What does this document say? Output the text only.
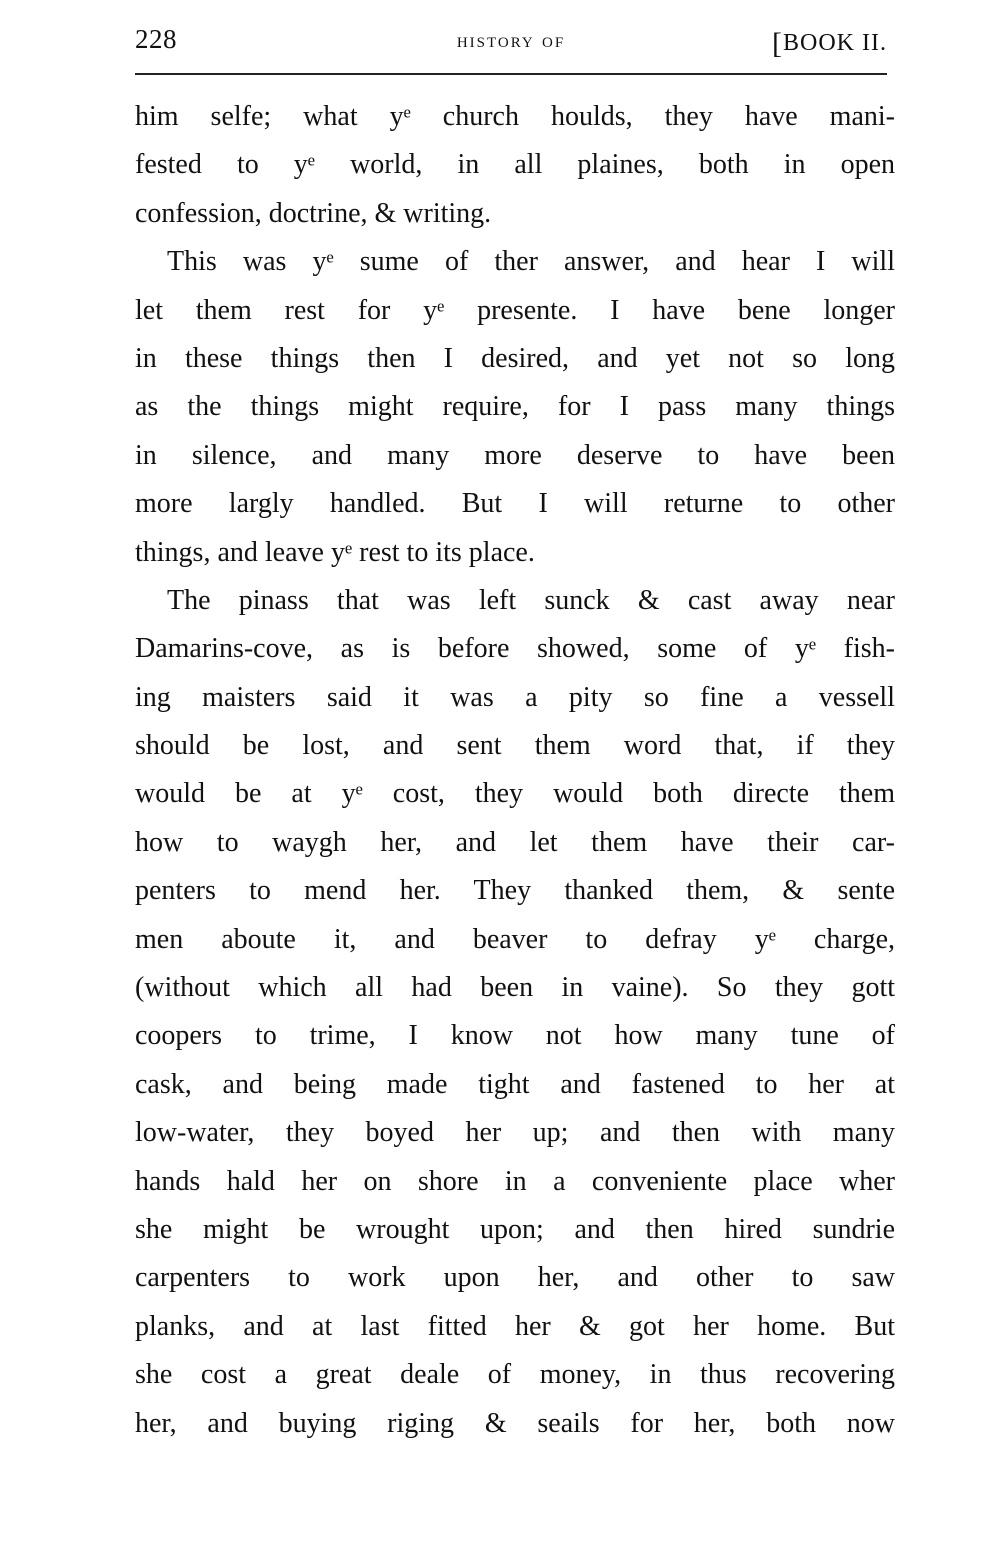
228	history of	[BOOK II.
him selfe; what yᵉ church houlds, they have mani-
fested to yᵉ world, in all plaines, both in open
confession, doctrine, & writing.
This was yᵉ sume of ther answer, and hear I will
let them rest for yᵉ presente. I have bene longer
in these things then I desired, and yet not so long
as the things might require, for I pass many things
in silence, and many more deserve to have been
more largly handled. But I will returne to other
things, and leave yᵉ rest to its place.
The pinass that was left sunck & cast away near
Damarins-cove, as is before showed, some of yᵉ fish-
ing maisters said it was a pity so fine a vessell
should be lost, and sent them word that, if they
would be at yᵉ cost, they would both directe them
how to waygh her, and let them have their car-
penters to mend her. They thanked them, & sente
men aboute it, and beaver to defray yᵉ charge,
(without which all had been in vaine). So they gott
coopers to trime, I know not how many tune of
cask, and being made tight and fastened to her at
low-water, they boyed her up; and then with many
hands hald her on shore in a conveniente place wher
she might be wrought upon; and then hired sundrie
carpenters to work upon her, and other to saw
planks, and at last fitted her & got her home. But
she cost a great deale of money, in thus recovering
her, and buying riging & seails for her, both now
